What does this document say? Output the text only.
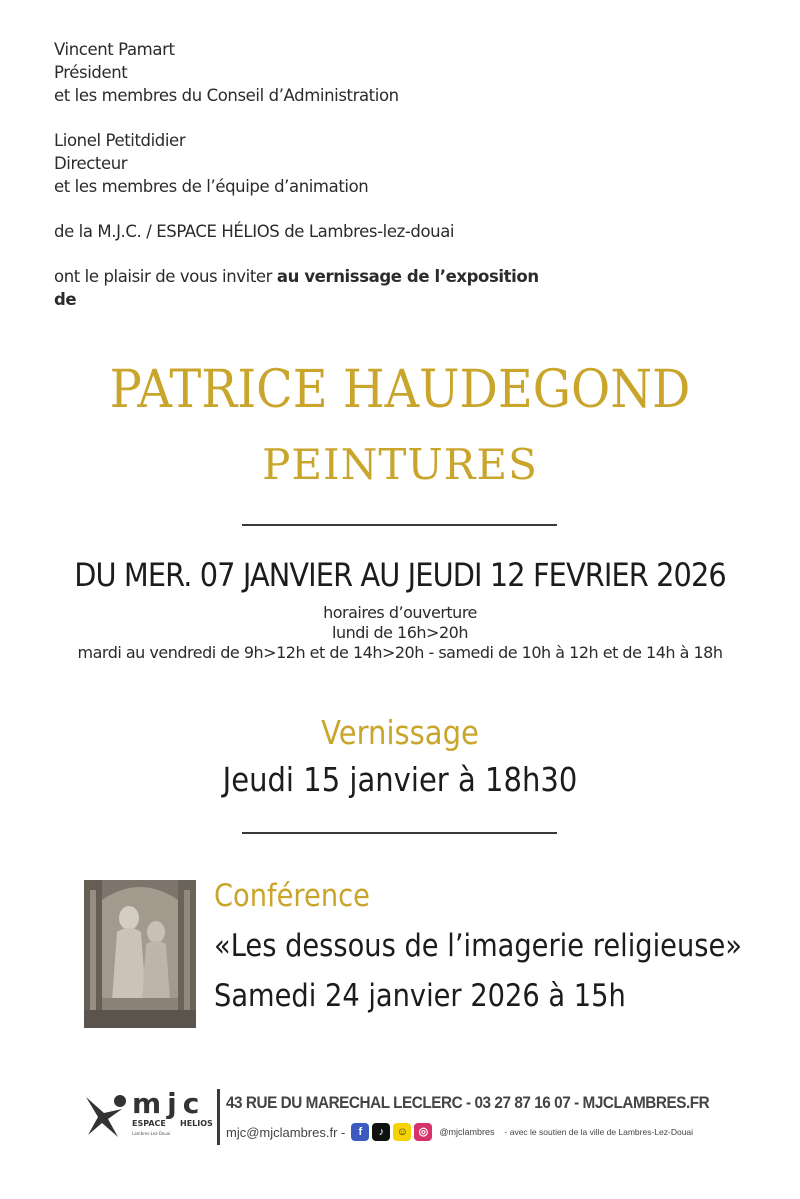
Vincent Pamart
Président
et les membres du Conseil d’Administration
Lionel Petitdidier
Directeur
et les membres de l’équipe d’animation
de la M.J.C. / ESPACE HÉLIOS de Lambres-lez-douai
ont le plaisir de vous inviter au vernissage de l’exposition
de
PATRICE HAUDEGOND
PEINTURES
DU MER. 07 JANVIER AU JEUDI 12 FEVRIER 2026
horaires d’ouverture
lundi de 16h>20h
mardi au vendredi de 9h>12h et de 14h>20h - samedi de 10h à 12h et de 14h à 18h
Vernissage
Jeudi 15 janvier à 18h30
Conférence
«Les dessous de l’imagerie religieuse»
Samedi 24 janvier 2026 à 15h
mjc
ESPACE HELIOS
Lambres-Lez-Douai
43 RUE DU MARECHAL LECLERC - 03 27 87 16 07 - MJCLAMBRES.FR
mjc@mjclambres.fr -	f	♪	☺ ◎	@mjclambres - avec le soutien de la ville de Lambres-Lez-Douai
